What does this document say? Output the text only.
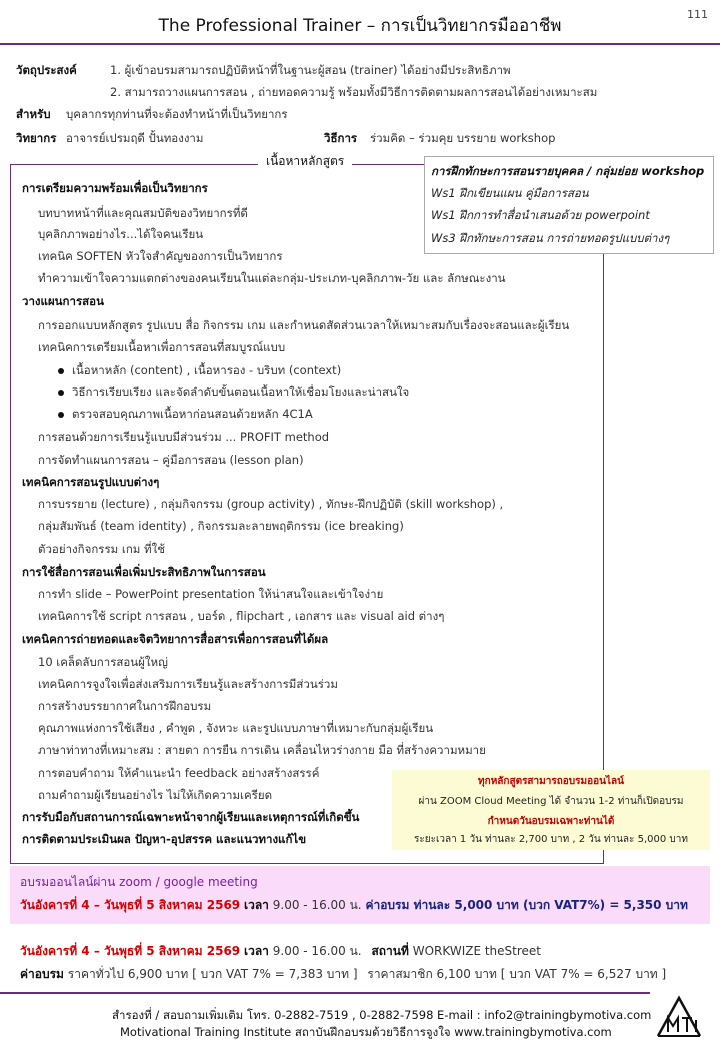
111
The Professional Trainer – การเป็นวิทยากรมืออาชีพ
วัตถุประสงค์	1. ผู้เข้าอบรมสามารถปฏิบัติหน้าที่ในฐานะผู้สอน (trainer) ได้อย่างมีประสิทธิภาพ
2. สามารถวางแผนการสอน , ถ่ายทอดความรู้ พร้อมทั้งมีวิธีการติดตามผลการสอนได้อย่างเหมาะสม
สำหรับ บุคลากรทุกท่านที่จะต้องทำหน้าที่เป็นวิทยากร
วิทยากร อาจารย์เปรมฤดี ปั้นทองงาม	วิธีการ ร่วมคิด – ร่วมคุย บรรยาย workshop
เนื้อหาหลักสูตร
การฝึกทักษะการสอนรายบุคคล / กลุ่มย่อย workshop
Ws1 ฝึกเขียนแผน คู่มือการสอน
Ws1 ฝึกการทำสื่อนำเสนอด้วย powerpoint
Ws3 ฝึกทักษะการสอน การถ่ายทอดรูปแบบต่างๆ
การเตรียมความพร้อมเพื่อเป็นวิทยากร
บทบาทหน้าที่และคุณสมบัติของวิทยากรที่ดี
บุคลิกภาพอย่างไร...ได้ใจคนเรียน
เทคนิค SOFTEN หัวใจสำคัญของการเป็นวิทยากร
ทำความเข้าใจความแตกต่างของคนเรียนในแต่ละกลุ่ม-ประเภท-บุคลิกภาพ-วัย และ ลักษณะงาน
วางแผนการสอน
การออกแบบหลักสูตร รูปแบบ สื่อ กิจกรรม เกม และกำหนดสัดส่วนเวลาให้เหมาะสมกับเรื่องจะสอนและผู้เรียน
เทคนิคการเตรียมเนื้อหาเพื่อการสอนที่สมบูรณ์แบบ
เนื้อหาหลัก (content) , เนื้อหารอง - บริบท (context)
วิธีการเรียบเรียง และจัดลำดับขั้นตอนเนื้อหาให้เชื่อมโยงและน่าสนใจ
ตรวจสอบคุณภาพเนื้อหาก่อนสอนด้วยหลัก 4C1A
การสอนด้วยการเรียนรู้แบบมีส่วนร่วม ... PROFIT method
การจัดทำแผนการสอน – คู่มือการสอน (lesson plan)
เทคนิคการสอนรูปแบบต่างๆ
การบรรยาย (lecture) , กลุ่มกิจกรรม (group activity) , ทักษะ-ฝึกปฏิบัติ (skill workshop) ,
กลุ่มสัมพันธ์ (team identity) , กิจกรรมละลายพฤติกรรม (ice breaking)
ตัวอย่างกิจกรรม เกม ที่ใช้
การใช้สื่อการสอนเพื่อเพิ่มประสิทธิภาพในการสอน
การทำ slide – PowerPoint presentation ให้น่าสนใจและเข้าใจง่าย
เทคนิคการใช้ script การสอน , บอร์ด , flipchart , เอกสาร และ visual aid ต่างๆ
เทคนิคการถ่ายทอดและจิตวิทยาการสื่อสารเพื่อการสอนที่ได้ผล
10 เคล็ดลับการสอนผู้ใหญ่
เทคนิคการจูงใจเพื่อส่งเสริมการเรียนรู้และสร้างการมีส่วนร่วม
การสร้างบรรยากาศในการฝึกอบรม
คุณภาพแห่งการใช้เสียง , คำพูด , จังหวะ และรูปแบบภาษาที่เหมาะกับกลุ่มผู้เรียน
ภาษาท่าทางที่เหมาะสม : สายตา การยืน การเดิน เคลื่อนไหวร่างกาย มือ ที่สร้างความหมาย
การตอบคำถาม ให้คำแนะนำ feedback อย่างสร้างสรรค์
ถามคำถามผู้เรียนอย่างไร ไม่ให้เกิดความเครียด
การรับมือกับสถานการณ์เฉพาะหน้าจากผู้เรียนและเหตุการณ์ที่เกิดขึ้น
การติดตามประเมินผล ปัญหา-อุปสรรค และแนวทางแก้ไข
ทุกหลักสูตรสามารถอบรมออนไลน์
ผ่าน ZOOM Cloud Meeting ได้ จำนวน 1-2 ท่านก็เปิดอบรม
กำหนดวันอบรมเฉพาะท่านได้
ระยะเวลา 1 วัน ท่านละ 2,700 บาท , 2 วัน ท่านละ 5,000 บาท
อบรมออนไลน์ผ่าน zoom / google meeting
วันอังคารที่ 4 – วันพุธที่ 5 สิงหาคม 2569 เวลา 9.00 - 16.00 น. ค่าอบรม ท่านละ 5,000 บาท (บวก VAT7%) = 5,350 บาท
วันอังคารที่ 4 – วันพุธที่ 5 สิงหาคม 2569 เวลา 9.00 - 16.00 น. สถานที่ WORKWIZE theStreet
ค่าอบรม ราคาทั่วไป 6,900 บาท [ บวก VAT 7% = 7,383 บาท ] ราคาสมาชิก 6,100 บาท [ บวก VAT 7% = 6,527 บาท ]
สำรองที่ / สอบถามเพิ่มเติม โทร. 0-2882-7519 , 0-2882-7598 E-mail : info2@trainingbymotiva.com
Motivational Training Institute สถาบันฝึกอบรมด้วยวิธีการจูงใจ www.trainingbymotiva.com
